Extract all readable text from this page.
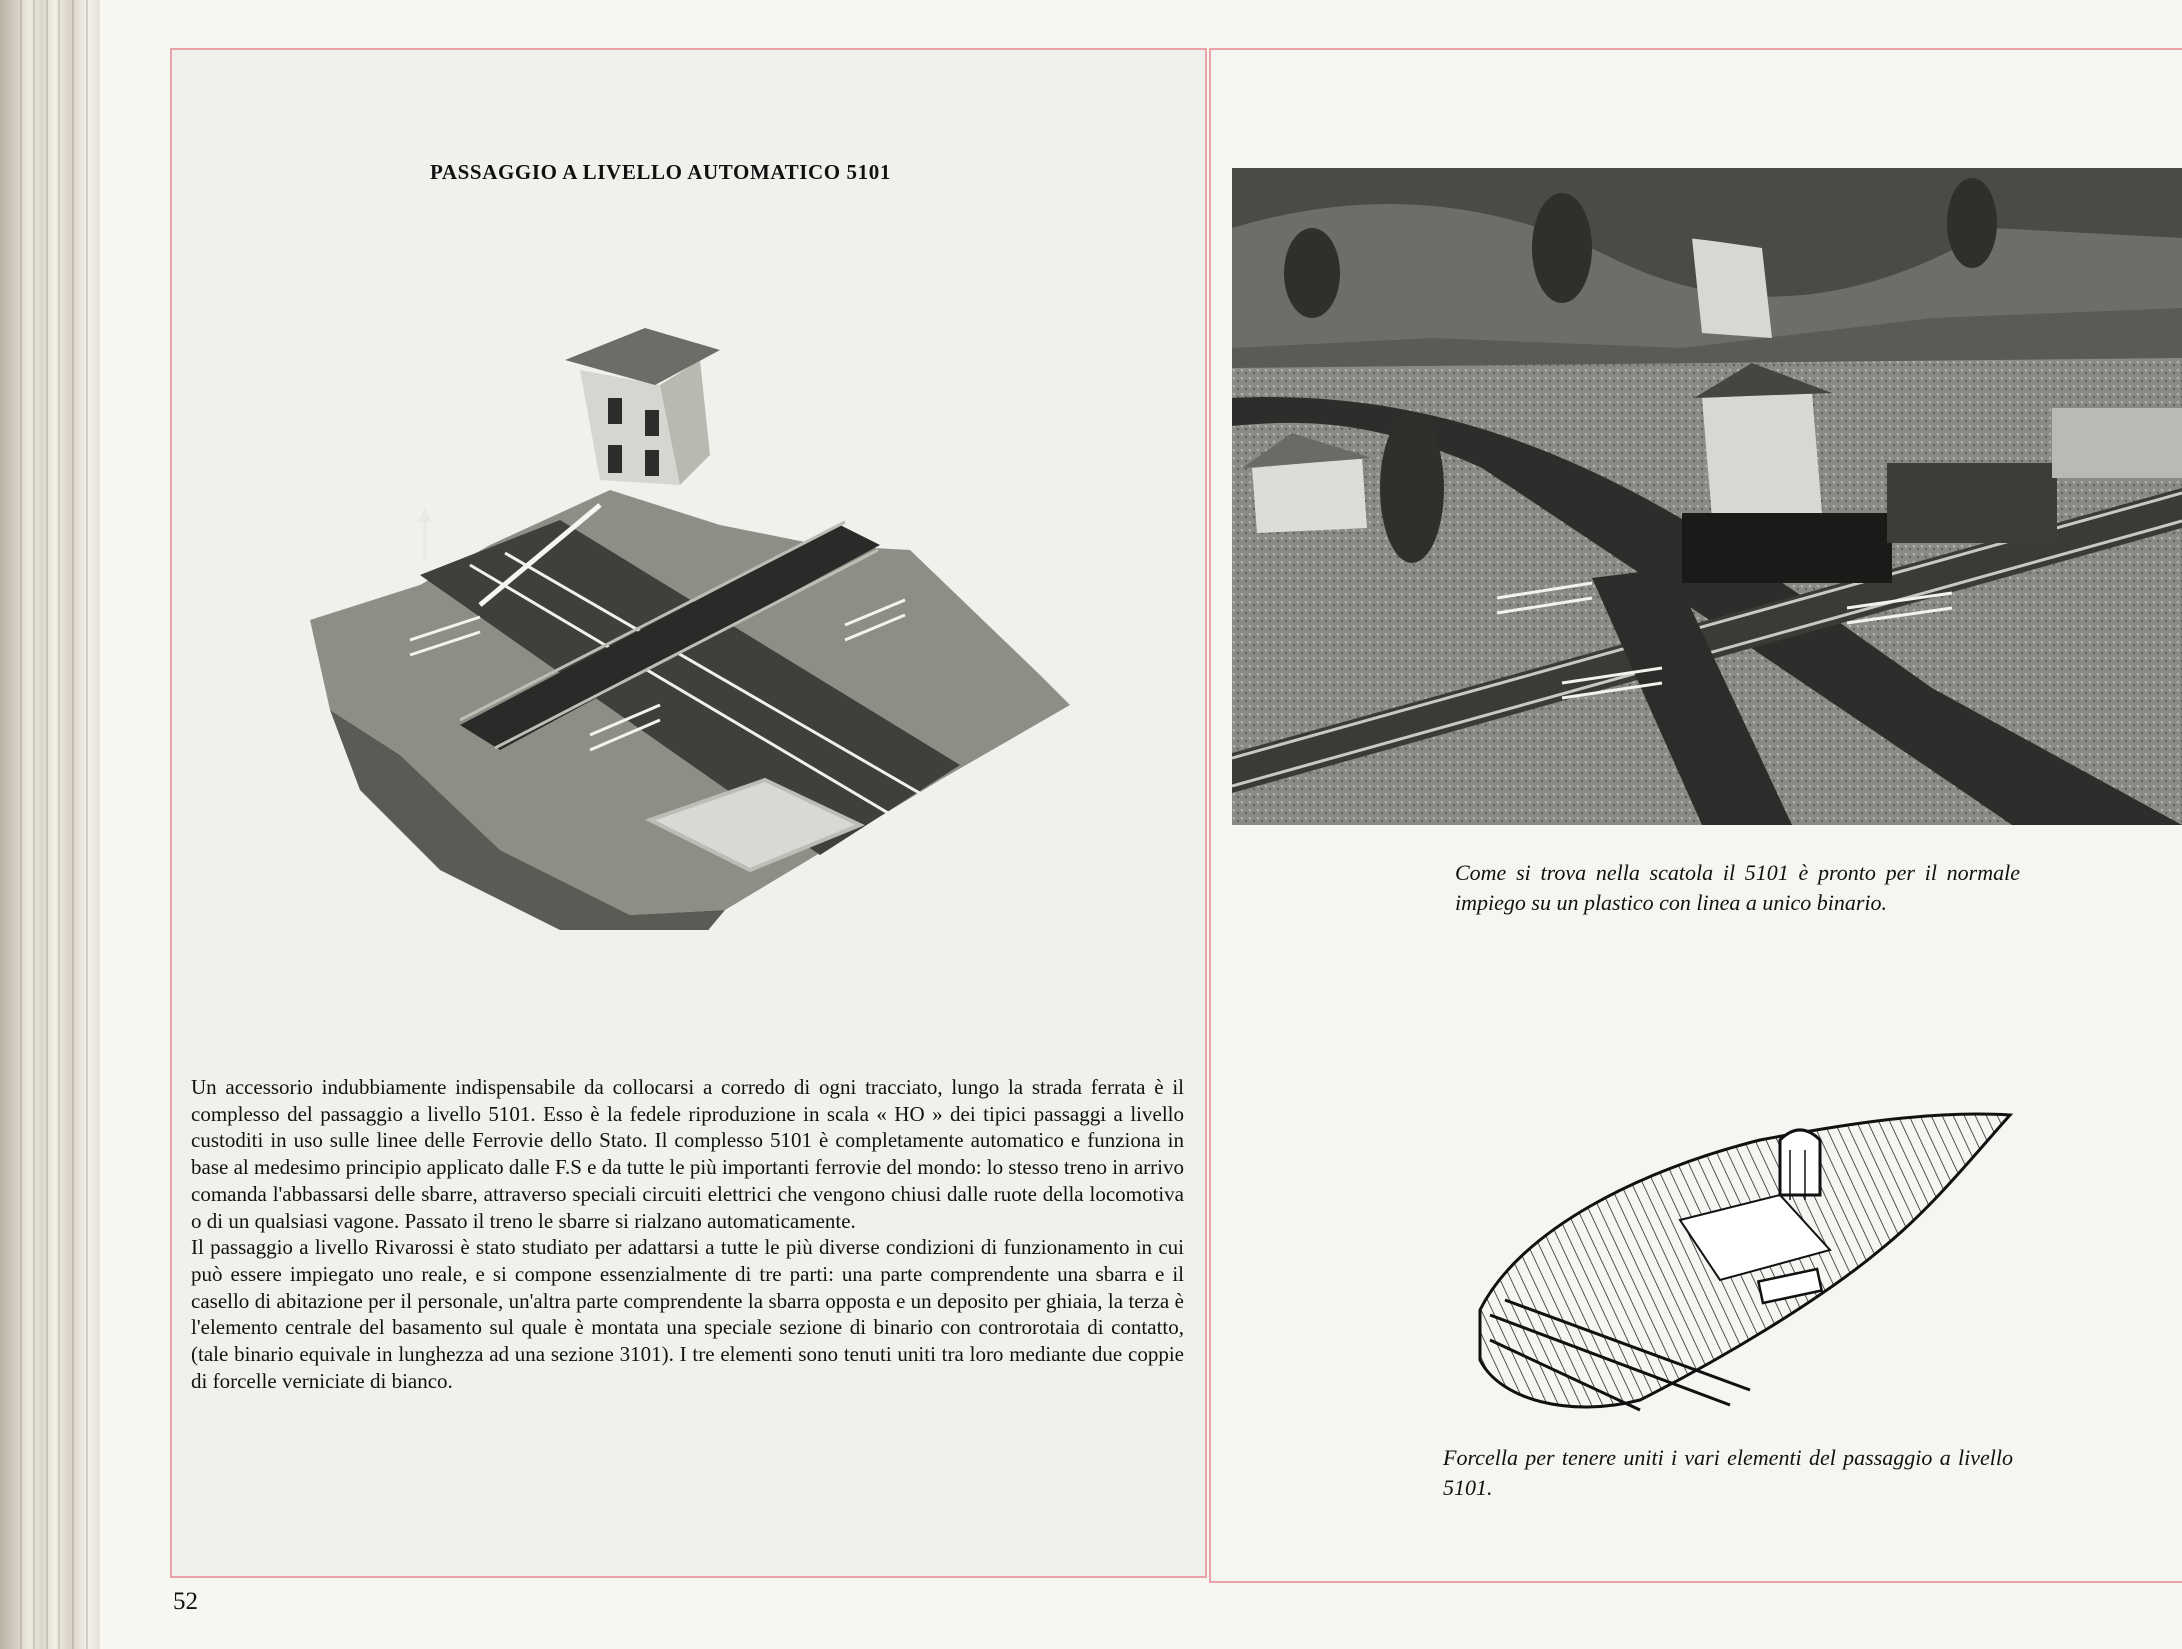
PASSAGGIO A LIVELLO AUTOMATICO 5101

Un accessorio indubbiamente indispensabile da collocarsi a corredo di ogni tracciato, lungo la strada ferrata è il complesso del passaggio a livello 5101. Esso è la fedele riproduzione in scala « HO » dei tipici passaggi a livello custoditi in uso sulle linee delle Ferrovie dello Stato. Il complesso 5101 è completamente automatico e funziona in base al medesimo principio applicato dalle F.S e da tutte le più importanti ferrovie del mondo: lo stesso treno in arrivo comanda l'abbassarsi delle sbarre, attraverso speciali circuiti elettrici che vengono chiusi dalle ruote della locomotiva o di un qualsiasi vagone. Passato il treno le sbarre si rialzano automaticamente.

Il passaggio a livello Rivarossi è stato studiato per adattarsi a tutte le più diverse condizioni di funzionamento in cui può essere impiegato uno reale, e si compone essenzialmente di tre parti: una parte comprendente una sbarra e il casello di abitazione per il personale, un'altra parte comprendente la sbarra opposta e un deposito per ghiaia, la terza è l'elemento centrale del basamento sul quale è montata una speciale sezione di binario con controrotaia di contatto, (tale binario equivale in lunghezza ad una sezione 3101). I tre elementi sono tenuti uniti tra loro mediante due coppie di forcelle verniciate di bianco.

Come si trova nella scatola il 5101 è pronto per il normale impiego su un plastico con linea a unico binario.
Forcella per tenere uniti i vari elementi del passaggio a livello 5101.
52
